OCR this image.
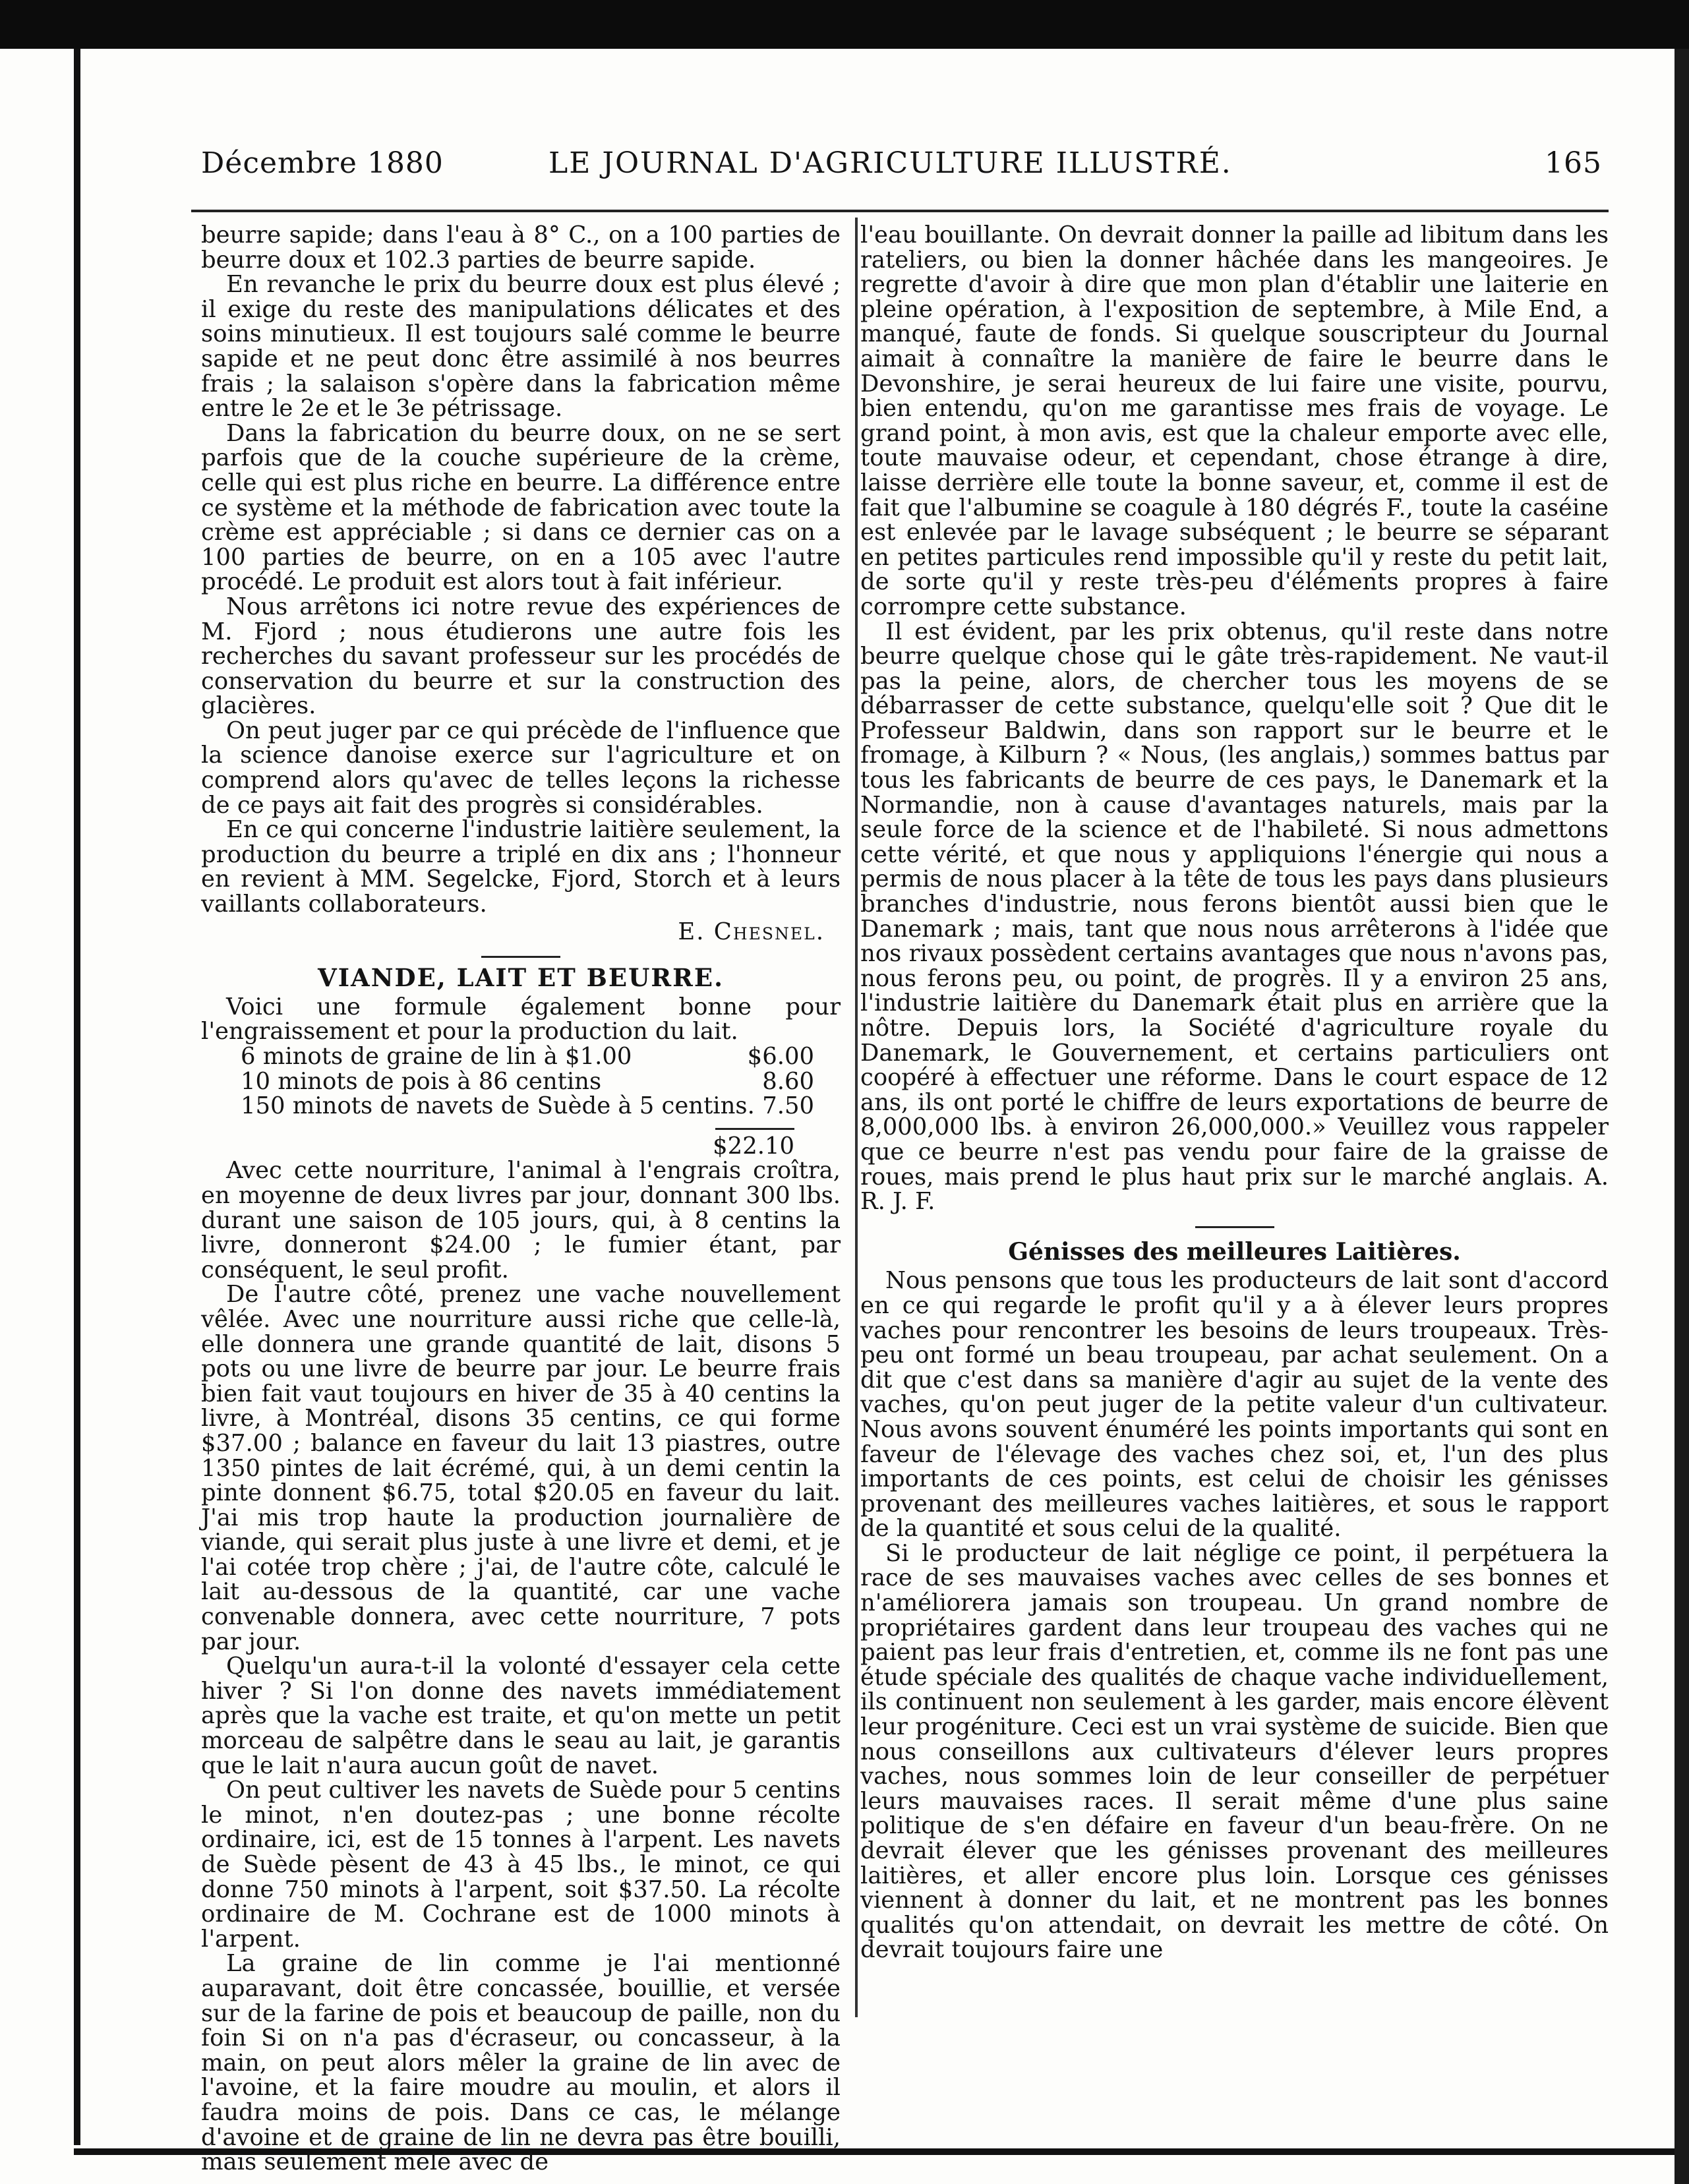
Décembre 1880	LE JOURNAL D'AGRICULTURE ILLUSTRÉ.	165

beurre sapide; dans l'eau à 8° C., on a 100 parties de beurre doux et 102.3 parties de beurre sapide.

En revanche le prix du beurre doux est plus élevé ; il exige du reste des manipulations délicates et des soins minutieux. Il est toujours salé comme le beurre sapide et ne peut donc être assimilé à nos beurres frais ; la salaison s'opère dans la fabrication même entre le 2e et le 3e pétrissage.

Dans la fabrication du beurre doux, on ne se sert parfois que de la couche supérieure de la crème, celle qui est plus riche en beurre. La différence entre ce système et la méthode de fabrication avec toute la crème est appréciable ; si dans ce dernier cas on a 100 parties de beurre, on en a 105 avec l'autre procédé. Le produit est alors tout à fait inférieur.

Nous arrêtons ici notre revue des expériences de M. Fjord ; nous étudierons une autre fois les recherches du savant professeur sur les procédés de conservation du beurre et sur la construction des glacières.

On peut juger par ce qui précède de l'influence que la science danoise exerce sur l'agriculture et on comprend alors qu'avec de telles leçons la richesse de ce pays ait fait des progrès si considérables.

En ce qui concerne l'industrie laitière seulement, la production du beurre a triplé en dix ans ; l'honneur en revient à MM. Segelcke, Fjord, Storch et à leurs vaillants collaborateurs.

E. Chesnel.
VIANDE, LAIT ET BEURRE.

Voici une formule également bonne pour l'engraissement et pour la production du lait.

6 minots de graine de lin à $1.00	$6.00
10 minots de pois à 86 centins	8.60
150 minots de navets de Suède à 5 centins. 7.50
$22.10

Avec cette nourriture, l'animal à l'engrais croîtra, en moyenne de deux livres par jour, donnant 300 lbs. durant une saison de 105 jours, qui, à 8 centins la livre, donneront $24.00 ; le fumier étant, par conséquent, le seul profit.

De l'autre côté, prenez une vache nouvellement vêlée. Avec une nourriture aussi riche que celle-là, elle donnera une grande quantité de lait, disons 5 pots ou une livre de beurre par jour. Le beurre frais bien fait vaut toujours en hiver de 35 à 40 centins la livre, à Montréal, disons 35 centins, ce qui forme $37.00 ; balance en faveur du lait 13 piastres, outre 1350 pintes de lait écrémé, qui, à un demi centin la pinte donnent $6.75, total $20.05 en faveur du lait. J'ai mis trop haute la production journalière de viande, qui serait plus juste à une livre et demi, et je l'ai cotée trop chère ; j'ai, de l'autre côte, calculé le lait au-dessous de la quantité, car une vache convenable donnera, avec cette nourriture, 7 pots par jour.

Quelqu'un aura-t-il la volonté d'essayer cela cette hiver ? Si l'on donne des navets immédiatement après que la vache est traite, et qu'on mette un petit morceau de salpêtre dans le seau au lait, je garantis que le lait n'aura aucun goût de navet.

On peut cultiver les navets de Suède pour 5 centins le minot, n'en doutez-pas ; une bonne récolte ordinaire, ici, est de 15 tonnes à l'arpent. Les navets de Suède pèsent de 43 à 45 lbs., le minot, ce qui donne 750 minots à l'arpent, soit $37.50. La récolte ordinaire de M. Cochrane est de 1000 minots à l'arpent.

La graine de lin comme je l'ai mentionné auparavant, doit être concassée, bouillie, et versée sur de la farine de pois et beaucoup de paille, non du foin Si on n'a pas d'écraseur, ou concasseur, à la main, on peut alors mêler la graine de lin avec de l'avoine, et la faire moudre au moulin, et alors il faudra moins de pois. Dans ce cas, le mélange d'avoine et de graine de lin ne devra pas être bouilli, mais seulement mêlé avec de

l'eau bouillante. On devrait donner la paille ad libitum dans les rateliers, ou bien la donner hâchée dans les mangeoires. Je regrette d'avoir à dire que mon plan d'établir une laiterie en pleine opération, à l'exposition de septembre, à Mile End, a manqué, faute de fonds. Si quelque souscripteur du Journal aimait à connaître la manière de faire le beurre dans le Devonshire, je serai heureux de lui faire une visite, pourvu, bien entendu, qu'on me garantisse mes frais de voyage. Le grand point, à mon avis, est que la chaleur emporte avec elle, toute mauvaise odeur, et cependant, chose étrange à dire, laisse derrière elle toute la bonne saveur, et, comme il est de fait que l'albumine se coagule à 180 dégrés F., toute la caséine est enlevée par le lavage subséquent ; le beurre se séparant en petites particules rend impossible qu'il y reste du petit lait, de sorte qu'il y reste très-peu d'éléments propres à faire corrompre cette substance.

Il est évident, par les prix obtenus, qu'il reste dans notre beurre quelque chose qui le gâte très-rapidement. Ne vaut-il pas la peine, alors, de chercher tous les moyens de se débarrasser de cette substance, quelqu'elle soit ? Que dit le Professeur Baldwin, dans son rapport sur le beurre et le fromage, à Kilburn ? « Nous, (les anglais,) sommes battus par tous les fabricants de beurre de ces pays, le Danemark et la Normandie, non à cause d'avantages naturels, mais par la seule force de la science et de l'habileté. Si nous admettons cette vérité, et que nous y appliquions l'énergie qui nous a permis de nous placer à la tête de tous les pays dans plusieurs branches d'industrie, nous ferons bientôt aussi bien que le Danemark ; mais, tant que nous nous arrêterons à l'idée que nos rivaux possèdent certains avantages que nous n'avons pas, nous ferons peu, ou point, de progrès. Il y a environ 25 ans, l'industrie laitière du Danemark était plus en arrière que la nôtre. Depuis lors, la Société d'agriculture royale du Danemark, le Gouvernement, et certains particuliers ont coopéré à effectuer une réforme. Dans le court espace de 12 ans, ils ont porté le chiffre de leurs exportations de beurre de 8,000,000 lbs. à environ 26,000,000.» Veuillez vous rappeler que ce beurre n'est pas vendu pour faire de la graisse de roues, mais prend le plus haut prix sur le marché anglais. A. R. J. F.

Génisses des meilleures Laitières.

Nous pensons que tous les producteurs de lait sont d'accord en ce qui regarde le profit qu'il y a à élever leurs propres vaches pour rencontrer les besoins de leurs troupeaux. Très-peu ont formé un beau troupeau, par achat seulement. On a dit que c'est dans sa manière d'agir au sujet de la vente des vaches, qu'on peut juger de la petite valeur d'un cultivateur. Nous avons souvent énuméré les points importants qui sont en faveur de l'élevage des vaches chez soi, et, l'un des plus importants de ces points, est celui de choisir les génisses provenant des meilleures vaches laitières, et sous le rapport de la quantité et sous celui de la qualité.

Si le producteur de lait néglige ce point, il perpétuera la race de ses mauvaises vaches avec celles de ses bonnes et n'améliorera jamais son troupeau. Un grand nombre de propriétaires gardent dans leur troupeau des vaches qui ne paient pas leur frais d'entretien, et, comme ils ne font pas une étude spéciale des qualités de chaque vache individuellement, ils continuent non seulement à les garder, mais encore élèvent leur progéniture. Ceci est un vrai système de suicide. Bien que nous conseillons aux cultivateurs d'élever leurs propres vaches, nous sommes loin de leur conseiller de perpétuer leurs mauvaises races. Il serait même d'une plus saine politique de s'en défaire en faveur d'un beau-frère. On ne devrait élever que les génisses provenant des meilleures laitières, et aller encore plus loin. Lorsque ces génisses viennent à donner du lait, et ne montrent pas les bonnes qualités qu'on attendait, on devrait les mettre de côté. On devrait toujours faire une
